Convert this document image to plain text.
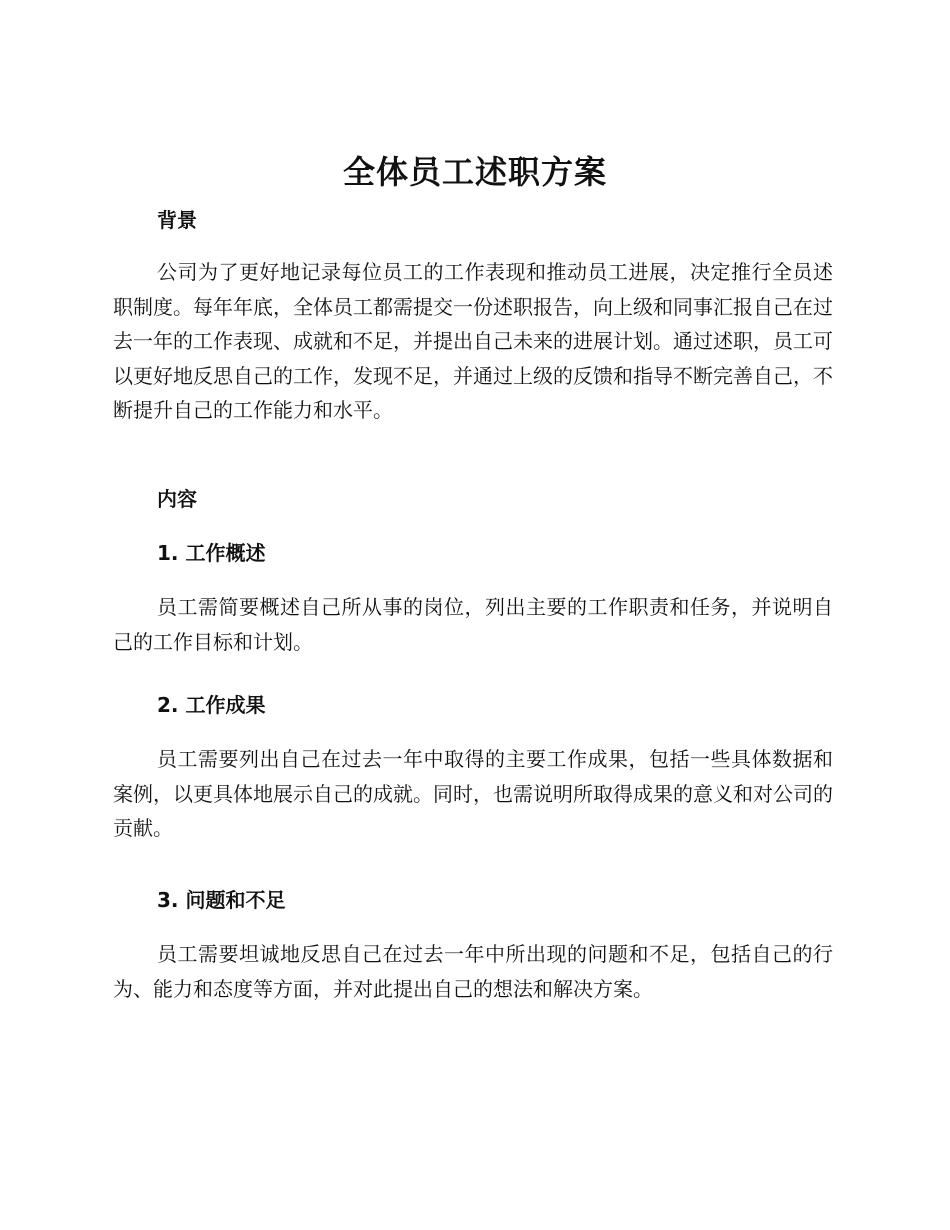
全体员工述职方案
背景

公司为了更好地记录每位员工的工作表现和推动员工进展，决定推行全员述职制度。每年年底，全体员工都需提交一份述职报告，向上级和同事汇报自己在过去一年的工作表现、成就和不足，并提出自己未来的进展计划。通过述职，员工可以更好地反思自己的工作，发现不足，并通过上级的反馈和指导不断完善自己，不断提升自己的工作能力和水平。

内容
1. 工作概述

员工需简要概述自己所从事的岗位，列出主要的工作职责和任务，并说明自己的工作目标和计划。

2. 工作成果

员工需要列出自己在过去一年中取得的主要工作成果，包括一些具体数据和案例，以更具体地展示自己的成就。同时，也需说明所取得成果的意义和对公司的贡献。

3. 问题和不足

员工需要坦诚地反思自己在过去一年中所出现的问题和不足，包括自己的行为、能力和态度等方面，并对此提出自己的想法和解决方案。
